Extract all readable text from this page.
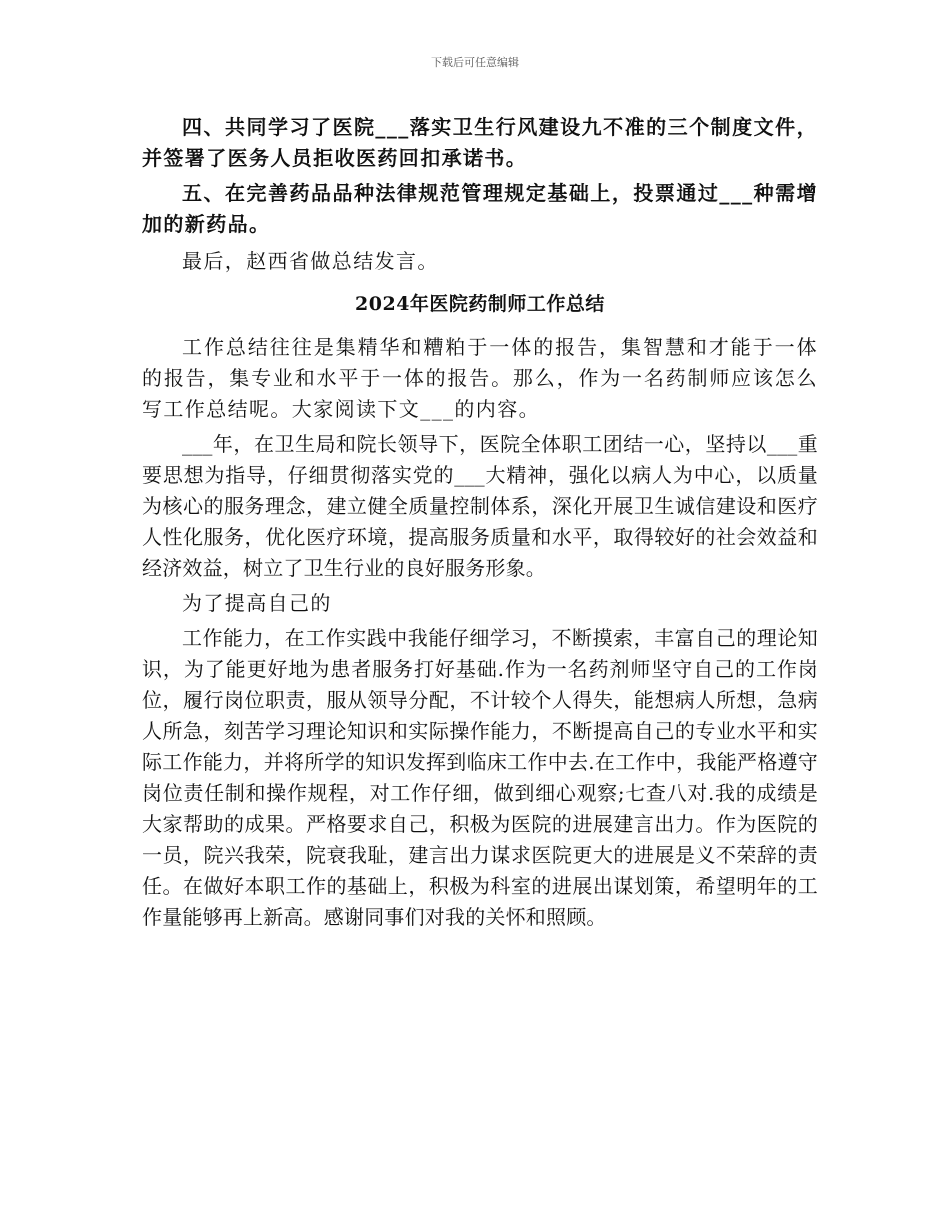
下载后可任意编辑

四、共同学习了医院___落实卫生行风建设九不准的三个制度文件，并签署了医务人员拒收医药回扣承诺书。

五、在完善药品品种法律规范管理规定基础上，投票通过___种需增加的新药品。

最后，赵西省做总结发言。

2024年医院药制师工作总结

工作总结往往是集精华和糟粕于一体的报告，集智慧和才能于一体的报告，集专业和水平于一体的报告。那么，作为一名药制师应该怎么写工作总结呢。大家阅读下文___的内容。

___年，在卫生局和院长领导下，医院全体职工团结一心，坚持以___重要思想为指导，仔细贯彻落实党的___大精神，强化以病人为中心，以质量为核心的服务理念，建立健全质量控制体系，深化开展卫生诚信建设和医疗人性化服务，优化医疗环境，提高服务质量和水平，取得较好的社会效益和经济效益，树立了卫生行业的良好服务形象。

为了提高自己的

工作能力，在工作实践中我能仔细学习，不断摸索，丰富自己的理论知识，为了能更好地为患者服务打好基础.作为一名药剂师坚守自己的工作岗位，履行岗位职责，服从领导分配，不计较个人得失，能想病人所想，急病人所急，刻苦学习理论知识和实际操作能力，不断提高自己的专业水平和实际工作能力，并将所学的知识发挥到临床工作中去.在工作中，我能严格遵守岗位责任制和操作规程，对工作仔细，做到细心观察;七查八对.我的成绩是大家帮助的成果。严格要求自己，积极为医院的进展建言出力。作为医院的一员，院兴我荣，院衰我耻，建言出力谋求医院更大的进展是义不荣辞的责任。在做好本职工作的基础上，积极为科室的进展出谋划策，希望明年的工作量能够再上新高。感谢同事们对我的关怀和照顾。
